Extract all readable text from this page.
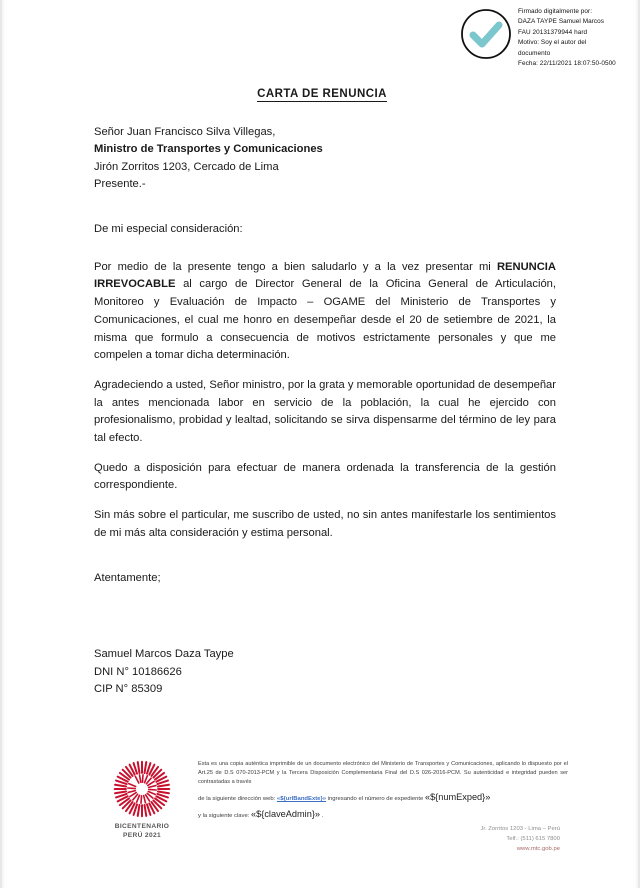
Firmado digitalmente por:
DAZA TAYPE Samuel Marcos
FAU 20131379944 hard
Motivo: Soy el autor del
documento
Fecha: 22/11/2021 18:07:50-0500
CARTA DE RENUNCIA
Señor Juan Francisco Silva Villegas,
Ministro de Transportes y Comunicaciones
Jirón Zorritos 1203, Cercado de Lima
Presente.-
De mi especial consideración:
Por medio de la presente tengo a bien saludarlo y a la vez presentar mi RENUNCIA IRREVOCABLE al cargo de Director General de la Oficina General de Articulación, Monitoreo y Evaluación de Impacto – OGAME del Ministerio de Transportes y Comunicaciones, el cual me honro en desempeñar desde el 20 de setiembre de 2021, la misma que formulo a consecuencia de motivos estrictamente personales y que me compelen a tomar dicha determinación.
Agradeciendo a usted, Señor ministro, por la grata y memorable oportunidad de desempeñar la antes mencionada labor en servicio de la población, la cual he ejercido con profesionalismo, probidad y lealtad, solicitando se sirva dispensarme del término de ley para tal efecto.
Quedo a disposición para efectuar de manera ordenada la transferencia de la gestión correspondiente.
Sin más sobre el particular, me suscribo de usted, no sin antes manifestarle los sentimientos de mi más alta consideración y estima personal.
Atentamente;
Samuel Marcos Daza Taype
DNI N° 10186626
CIP N° 85309
BICENTENARIO
PERÚ 2021

Esta es una copia auténtica imprimible de un documento electrónico del Ministerio de Transportes y Comunicaciones, aplicando lo dispuesto por el Art.25 de D.S 070-2013-PCM y la Tercera Disposición Complementaria Final del D.S 026-2016-PCM. Su autenticidad e integridad pueden ser contrastadas a través

de la siguiente dirección web: «${urlBandExte}» ingresando el número de expediente «${numExped}»

y la siguiente clave: «${claveAdmin}» .

Jr. Zorritos 1203 - Lima – Perú
Telf.: (511) 615 7800
www.mtc.gob.pe
